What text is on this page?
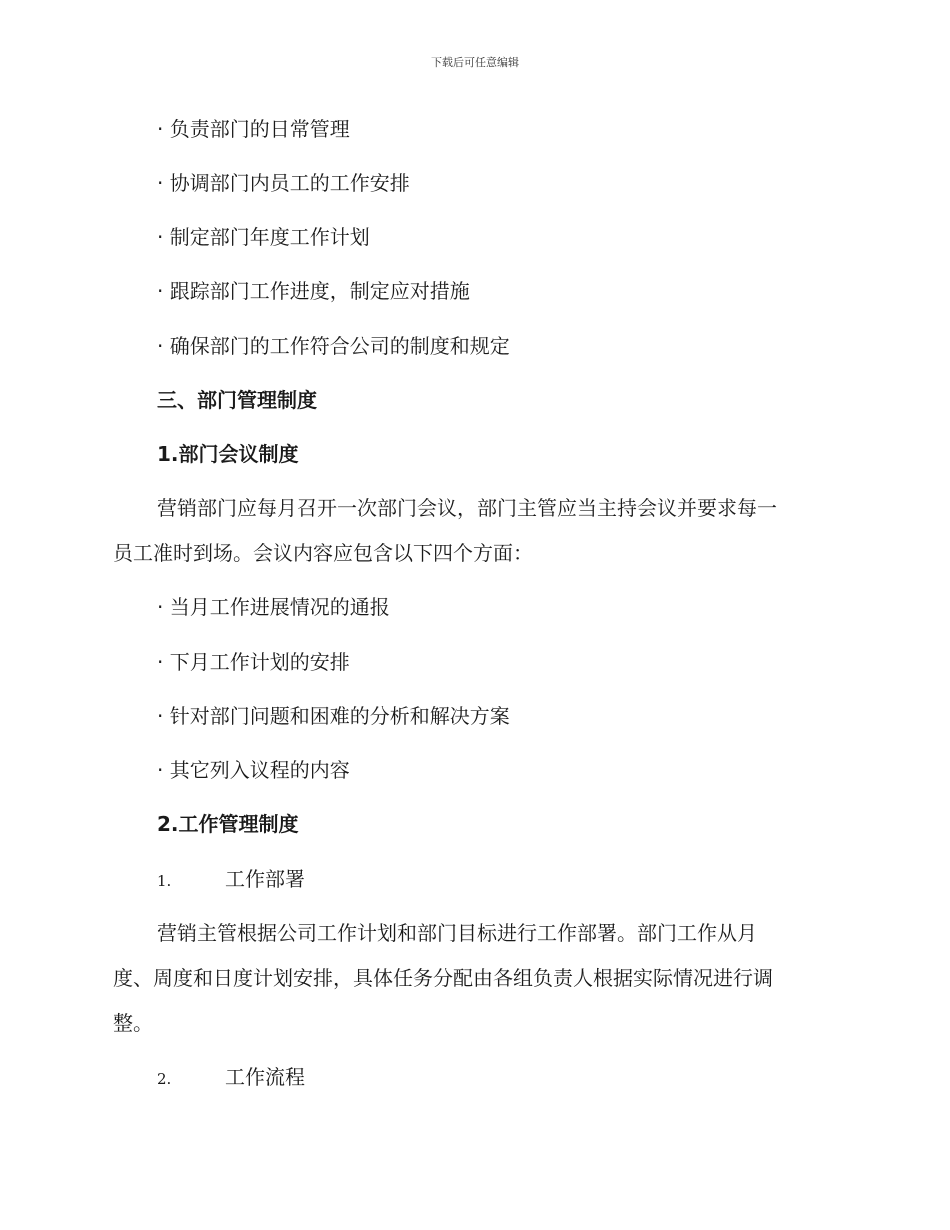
下载后可任意编辑
· 负责部门的日常管理
· 协调部门内员工的工作安排
· 制定部门年度工作计划
· 跟踪部门工作进度，制定应对措施
· 确保部门的工作符合公司的制度和规定
三、部门管理制度
1.部门会议制度
营销部门应每月召开一次部门会议，部门主管应当主持会议并要求每一
员工准时到场。会议内容应包含以下四个方面：
· 当月工作进展情况的通报
· 下月工作计划的安排
· 针对部门问题和困难的分析和解决方案
· 其它列入议程的内容
2.工作管理制度
1.	工作部署
营销主管根据公司工作计划和部门目标进行工作部署。部门工作从月
度、周度和日度计划安排，具体任务分配由各组负责人根据实际情况进行调
整。
2.	工作流程
